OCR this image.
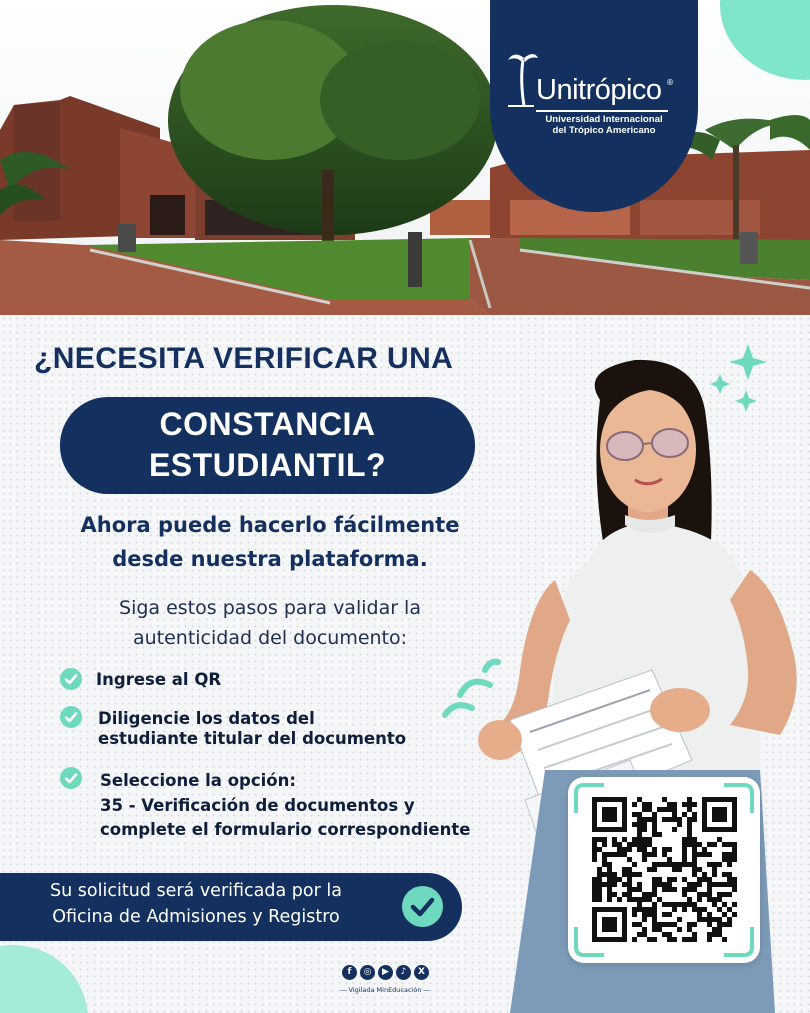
Unitrópico ®
Universidad Internacional
del Trópico Americano
¿NECESITA VERIFICAR UNA
CONSTANCIA
ESTUDIANTIL?
Ahora puede hacerlo fácilmente
desde nuestra plataforma.
Siga estos pasos para validar la
autenticidad del documento:
Ingrese al QR
Diligencie los datos del
estudiante titular del documento
Seleccione la opción:
35 - Verificación de documentos y
complete el formulario correspondiente
Su solicitud será verificada por la
Oficina de Admisiones y Registro
f	◎	▶	♪	X
— Vigilada MinEducación —
